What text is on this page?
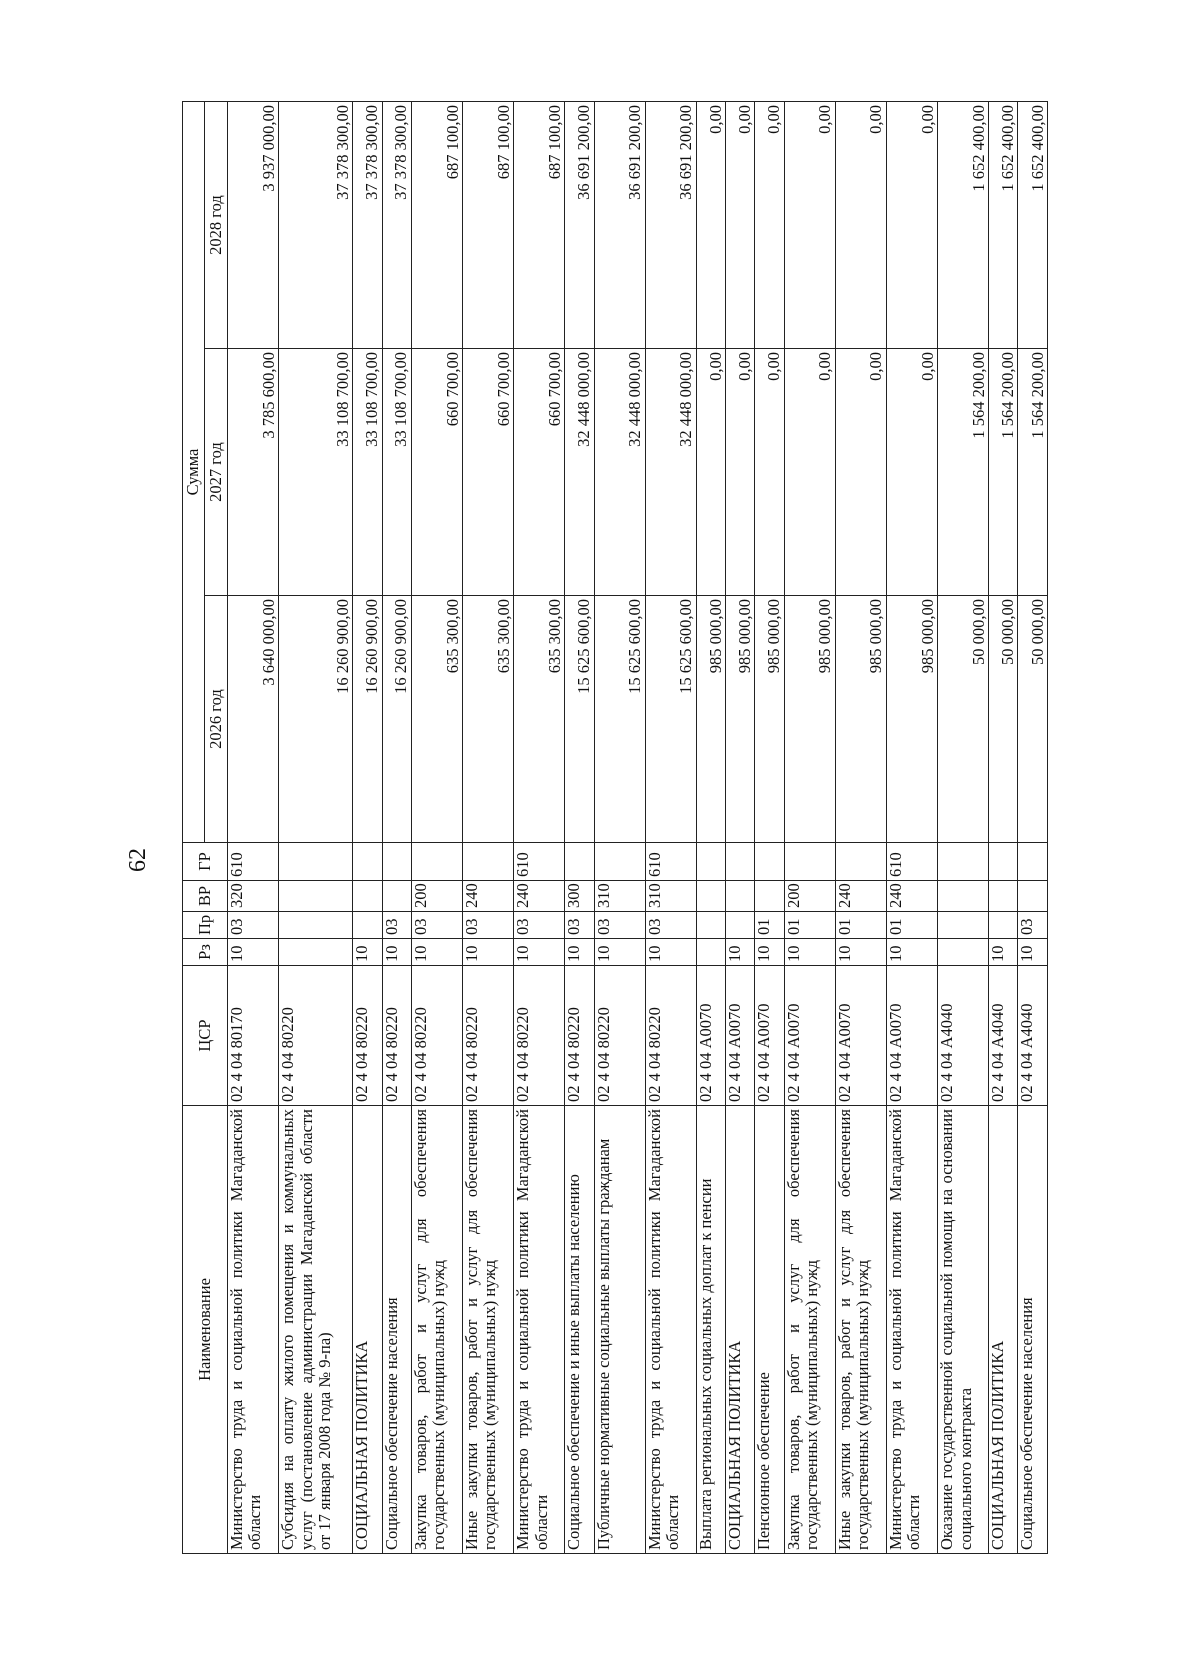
62
Наименование	ЦСР	Рз	Пр	ВР	ГР	Сумма		
						2026 год	2027 год	2028 год
Министерство труда и социальной политики Магаданской области	02 4 04 80170	10	03	320	610	3 640 000,00	3 785 600,00	3 937 000,00
Субсидия на оплату жилого помещения и коммунальных услуг (постановление администрации Магаданской области от 17 января 2008 года № 9-па)	02 4 04 80220					16 260 900,00	33 108 700,00	37 378 300,00
СОЦИАЛЬНАЯ ПОЛИТИКА	02 4 04 80220	10				16 260 900,00	33 108 700,00	37 378 300,00
Социальное обеспечение населения	02 4 04 80220	10	03			16 260 900,00	33 108 700,00	37 378 300,00
Закупка товаров, работ и услуг для обеспечения государственных (муниципальных) нужд	02 4 04 80220	10	03	200		635 300,00	660 700,00	687 100,00
Иные закупки товаров, работ и услуг для обеспечения государственных (муниципальных) нужд	02 4 04 80220	10	03	240		635 300,00	660 700,00	687 100,00
Министерство труда и социальной политики Магаданской области	02 4 04 80220	10	03	240	610	635 300,00	660 700,00	687 100,00
Социальное обеспечение и иные выплаты населению	02 4 04 80220	10	03	300		15 625 600,00	32 448 000,00	36 691 200,00
Публичные нормативные социальные выплаты гражданам	02 4 04 80220	10	03	310		15 625 600,00	32 448 000,00	36 691 200,00
Министерство труда и социальной политики Магаданской области	02 4 04 80220	10	03	310	610	15 625 600,00	32 448 000,00	36 691 200,00
Выплата региональных социальных доплат к пенсии	02 4 04 А0070					985 000,00	0,00	0,00
СОЦИАЛЬНАЯ ПОЛИТИКА	02 4 04 А0070	10				985 000,00	0,00	0,00
Пенсионное обеспечение	02 4 04 А0070	10	01			985 000,00	0,00	0,00
Закупка товаров, работ и услуг для обеспечения государственных (муниципальных) нужд	02 4 04 А0070	10	01	200		985 000,00	0,00	0,00
Иные закупки товаров, работ и услуг для обеспечения государственных (муниципальных) нужд	02 4 04 А0070	10	01	240		985 000,00	0,00	0,00
Министерство труда и социальной политики Магаданской области	02 4 04 А0070	10	01	240	610	985 000,00	0,00	0,00
Оказание государственной социальной помощи на основании социального контракта	02 4 04 А4040					50 000,00	1 564 200,00	1 652 400,00
СОЦИАЛЬНАЯ ПОЛИТИКА	02 4 04 А4040	10				50 000,00	1 564 200,00	1 652 400,00
Социальное обеспечение населения	02 4 04 А4040	10	03			50 000,00	1 564 200,00	1 652 400,00
